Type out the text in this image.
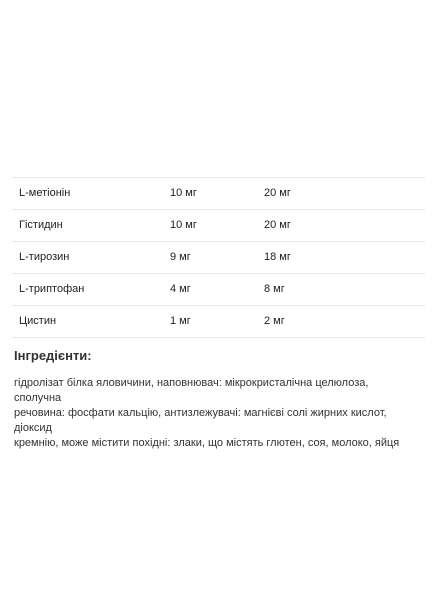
L-метіонін	10 мг	20 мг
Гістидин	10 мг	20 мг
L-тирозин	9 мг	18 мг
L-триптофан	4 мг	8 мг
Цистин	1 мг	2 мг
Інгредієнти:

гідролізат білка яловичини, наповнювач: мікрокристалічна целюлоза, сполучна
речовина: фосфати кальцію, антизлежувачі: магнієві солі жирних кислот, діоксид
кремнію, може містити похідні: злаки, що містять глютен, соя, молоко, яйця
